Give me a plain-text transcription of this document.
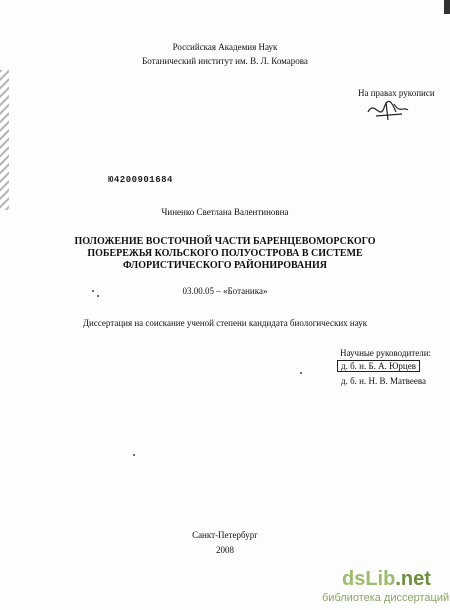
Российская Академия Наук
Ботанический институт им. В. Л. Комарова
На правах рукописи
Ю4200901684
Чиненко Светлана Валентиновна
ПОЛОЖЕНИЕ ВОСТОЧНОЙ ЧАСТИ БАРЕНЦЕВОМОРСКОГО
ПОБЕРЕЖЬЯ КОЛЬСКОГО ПОЛУОСТРОВА В СИСТЕМЕ
ФЛОРИСТИЧЕСКОГО РАЙОНИРОВАНИЯ
03.00.05 – «Ботаника»
Диссертация на соискание ученой степени кандидата биологических наук
Научные руководители:
д. б. н. Б. А. Юрцев
д. б. н. Н. В. Матвеева
Санкт-Петербург
2008
dsLib.net
библиотека диссертаций
